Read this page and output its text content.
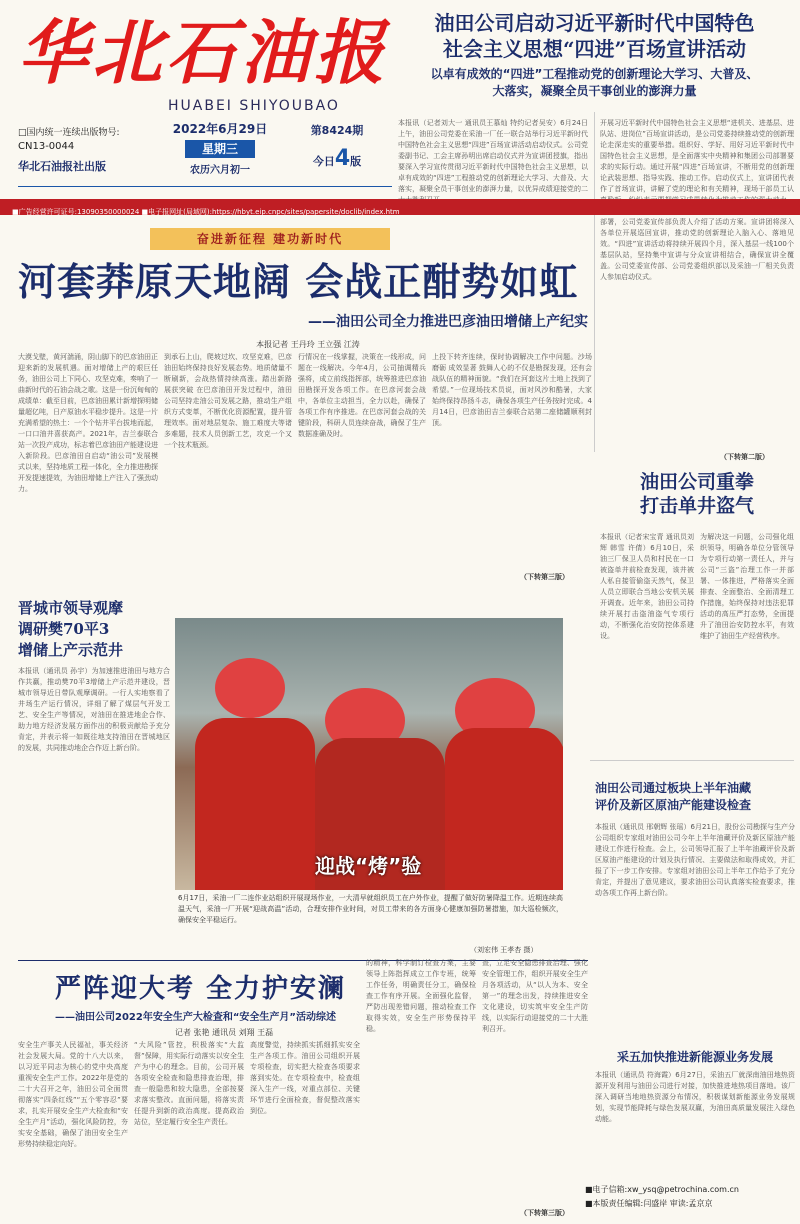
华北石油报
HUABEI SHIYOUBAO
□国内统一连续出版物号:
CN13-0044
华北石油报社出版
2022年6月29日
星期三
农历六月初一
第8424期
今日4版
油田公司启动习近平新时代中国特色
社会主义思想“四进”百场宣讲活动
以卓有成效的“四进”工程推动党的创新理论大学习、大普及、
大落实，凝聚全员干事创业的澎湃力量
本报讯（记者刘大一 通讯员王慕灿 特约记者吴安）6月24日上午，油田公司党委在采油一厂任一联合站举行习近平新时代中国特色社会主义思想“四进”百场宣讲活动启动仪式。公司党委副书记、工会主席孙明出席启动仪式并为宣讲团授旗，指出要深入学习宣传贯彻习近平新时代中国特色社会主义思想，以卓有成效的“四进”工程推动党的创新理论大学习、大普及、大落实，凝聚全员干事创业的澎湃力量，以优异成绩迎接党的二
开展习近平新时代中国特色社会主义思想“进机关、进基层、进队站、进岗位”百场宣讲活动，是公司党委持续推动党的创新理论走深走实的重要举措。组织好、学好、用好习近平新时代中国特色社会主义思想，是全面落实中央精神和集团公司部署要求的实际行动。通过开展“四进”百场宣讲，不断用党的创新理论武装思想、指导实践、推动工作。启动仪式上，宣讲团代表作了首场宣讲，讲解了党的理论和有关精神，现场干部员工认 部署，公司党委宣传部负责人介绍了活动方案。宣讲团将深入各单位开展巡回宣讲，推动党的创新理论入脑入心、落地见效。“四进”宣讲活动将持续开展四个月，深入基层一线100个基层队站，坚持集中宣讲与分众宣讲相结合，确保宣讲全覆盖。公司党委宣传部、公司党委组织部以及采油一厂相关负责人参加启动仪式。
（下转第二版）
■广告经营许可证号:13090350000024 ■电子报网址(局域网):https://hbyt.eip.cnpc/sites/papersite/doclib/index.htm
奋进新征程 建功新时代
河套莽原天地阔 会战正酣势如虹
——油田公司全力推进巴彦油田增储上产纪实
本报记者 王丹玲 王立强 江涛
大漠戈壁，黄河湍涌，阴山脚下的巴彦油田正迎来新的发展机遇。面对增储上产的艰巨任务，油田公司上下同心、攻坚克难，奏响了一曲新时代的石油会战之歌。这是一份沉甸甸的成绩单：截至目前，巴彦油田累计新增探明储量超亿吨，日产原油水平稳步提升。这是一片充满希望的热土：一个个钻井平台拔地而起，一口口油井喜获高产。2021年，吉兰泰联合站一次投产成功，标志着巴彦油田产能建设进入新阶段。巴彦油田自启动“油公司”发展模式以来，坚持地质工程一体化，全力推进勘探开发提速提效，为油田增储上产注入了强劲动力。
到承石上山，爬坡过坎、攻坚克难，巴彦油田始终保持良好发展态势。地质储量不断刷新，会战热情持续高涨。踏出新路 展获突破 在巴彦油田开发过程中，油田公司坚持走油公司发展之路，推动生产组织方式变革，不断优化资源配置，提升管理效率。面对地层复杂、施工难度大等诸多难题，技术人员创新工艺，攻克一个又一个技术瓶颈。
行情况在一线掌握，决策在一线形成，问题在一线解决。今年4月，公司抽调精兵强将，成立前线指挥部，统筹推进巴彦油田勘探开发各项工作。在巴彦河套会战中，各单位主动担当，全力以赴，确保了各项工作有序推进。在巴彦河套会战的关键阶段，科研人员连续奋战，确保了生产数据准确及时。
上投下转齐连续，保时协调解决工作中问题。沙场磨砺 成效显著 鼓舞人心的不仅是勘探发现，还有会战队伍的精神面貌。“我们在河套这片土地上找到了希望。”一位现场技术员说，面对风沙和酷暑，大家始终保持昂扬斗志，确保各项生产任务按时完成。4月14日，巴彦油田吉兰泰联合站第二座储罐顺利封顶。
（下转第三版）
油田公司重拳
打击单井盗气
本报讯（记者宋宝青 通讯员刘辉 韩雪 许倩）6月10日，采油三厂保卫人员和村民在一口被盗单井前检查发现，该井被人私自接管偷盗天然气，保卫人员立即联合当地公安机关展开调查。近年来，油田公司持续开展打击盗油盗气专项行动，不断强化治安防控体系建设。
为解决这一问题，公司强化组织领导，明确各单位分管领导为专项行动第一责任人，并与公司“三盗”治理工作一并部署、一体推进，严格落实全面排查、全面整治、全面清理工作措施，始终保持对违法犯罪活动的高压严打态势，全面提升了油田治安防控水平，有效维护了油田生产经营秩序。
晋城市领导观摩
调研樊70平3
增储上产示范井
本报讯（通讯员 孙宇）为加速推进油田与地方合作共赢，推动樊70平3增储上产示范井建设，晋城市领导近日带队观摩调研。一行人实地察看了井场生产运行情况，详细了解了煤层气开发工艺、安全生产等情况，对油田在推进地企合作、助力地方经济发展方面作出的积极贡献给予充分肯定，并表示将一如既往地支持油田在晋城地区的发展，共同推动地企合作迈上新台阶。
迎战“烤”验
6月17日，采油一厂二连作业站组织开展现场作业，一大清早就组织员工在户外作业，提醒了做好防暑降温工作。近期连续高温天气，采油一厂开展“迎战高温”活动，合理安排作业时间，对员工带来的各方面身心健康加强防暑措施，加大巡检频次，确保安全平稳运行。
（刘宏伟 王孝杏 摄）
油田公司通过板块上半年油藏
评价及新区原油产能建设检查
本报讯（通讯员 邢朝辉 张瑶）6月21日，股份公司勘探与生产分公司组织专家组对油田公司今年上半年油藏评价及新区原油产能建设工作进行检查。会上，公司领导汇报了上半年油藏评价及新区原油产能建设的计划及执行情况、主要做法和取得成效，并汇报了下一步工作安排。专家组对油田公司上半年工作给予了充分肯定，并提出了意见建议，要求油田公司认真落实检查要求，推动各项工作再上新台阶。
严阵迎大考 全力护安澜
——油田公司2022年安全生产大检查和“安全生产月”活动综述
记者 张艳 通讯员 刘翔 王磊
安全生产事关人民福祉，事关经济社会发展大局。党的十八大以来，以习近平同志为核心的党中央高度重视安全生产工作。2022年是党的二十大召开之年，油田公司全面贯彻落实“四条红线”“五个零容忍”要求，扎实开展安全生产大检查和“安全生产月”活动，强化风险防控，夯实安全基础，确保了油田安全生产形势持续稳定向好。
“大风险”管控，积极落实“大监督”保障，用实际行动落实以安全生产为中心的理念。目前，公司开展各项安全检查和隐患排查治理，排查一般隐患和较大隐患，全部按要求落实整改。直面问题，将落实责任提升到新的政治高度。提高政治站位，坚定履行安全生产责任。
高度警觉，持续抓实抓细抓实安全生产各项工作。油田公司组织开展专项检查，切实把大检查各项要求落到实处。在专项检查中，检查组深入生产一线，对重点部位、关键环节进行全面检查，督促整改落实到位。
的精神，科学制订检查方案，主要领导上阵指挥成立工作专班，统筹工作任务，明确责任分工，确保检查工作有序开展。全面强化监督，严防出现差错问题，推动检查工作取得实效，安全生产形势保持平稳。
查，立足安全隐患排查治理、强化安全管理工作，组织开展安全生产月各项活动，从“以人为本、安全第一”的理念出发，持续推进安全文化建设，切实筑牢安全生产防线，以实际行动迎接党的二十大胜利召开。
（下转第三版）
采五加快推进新能源业务发展
本报讯（通讯员 符海霞）6月27日，采油五厂就深南油田地热资源开发利用与油田公司进行对接，加快推进地热项目落地。该厂深入调研当地地热资源分布情况，积极谋划新能源业务发展规划，实现节能降耗与绿色发展双赢，为油田高质量发展注入绿色动能。
■电子信箱:xw_ysq@petrochina.com.cn
■本版责任编辑:闫盛岸 审读:孟京京
